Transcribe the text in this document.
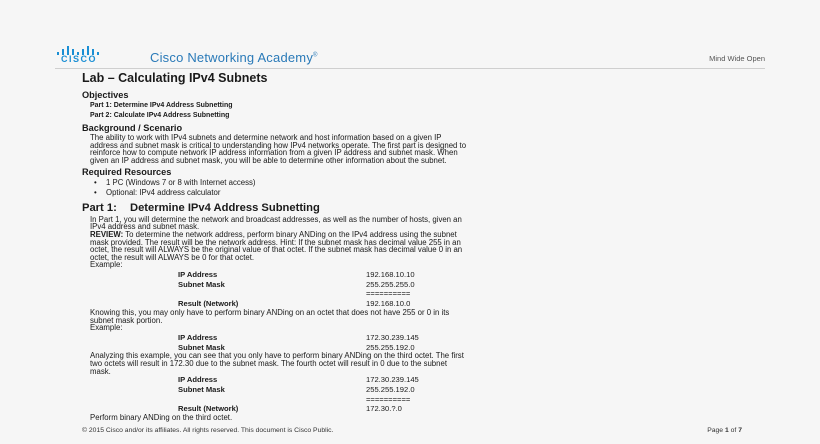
CISCO	Cisco Networking Academy®	Mind Wide Open
Lab – Calculating IPv4 Subnets
Objectives
Part 1: Determine IPv4 Address Subnetting
Part 2: Calculate IPv4 Address Subnetting
Background / Scenario

The ability to work with IPv4 subnets and determine network and host information based on a given IP

address and subnet mask is critical to understanding how IPv4 networks operate. The first part is designed to

reinforce how to compute network IP address information from a given IP address and subnet mask. When

given an IP address and subnet mask, you will be able to determine other information about the subnet.

Required Resources
• 1 PC (Windows 7 or 8 with Internet access)
• Optional: IPv4 address calculator
Part 1: Determine IPv4 Address Subnetting

In Part 1, you will determine the network and broadcast addresses, as well as the number of hosts, given an

IPv4 address and subnet mask.

REVIEW: To determine the network address, perform binary ANDing on the IPv4 address using the subnet

mask provided. The result will be the network address. Hint: If the subnet mask has decimal value 255 in an

octet, the result will ALWAYS be the original value of that octet. If the subnet mask has decimal value 0 in an

octet, the result will ALWAYS be 0 for that octet.

Example:
IP Address	192.168.10.10
Subnet Mask	255.255.255.0
	==========
Result (Network)	192.168.10.0

Knowing this, you may only have to perform binary ANDing on an octet that does not have 255 or 0 in its

subnet mask portion.

Example:
IP Address	172.30.239.145
Subnet Mask	255.255.192.0

Analyzing this example, you can see that you only have to perform binary ANDing on the third octet. The first

two octets will result in 172.30 due to the subnet mask. The fourth octet will result in 0 due to the subnet

mask.

IP Address	172.30.239.145
Subnet Mask	255.255.192.0
	==========
Result (Network)	172.30.?.0

Perform binary ANDing on the third octet.

© 2015 Cisco and/or its affiliates. All rights reserved. This document is Cisco Public.	Page 1 of 7
